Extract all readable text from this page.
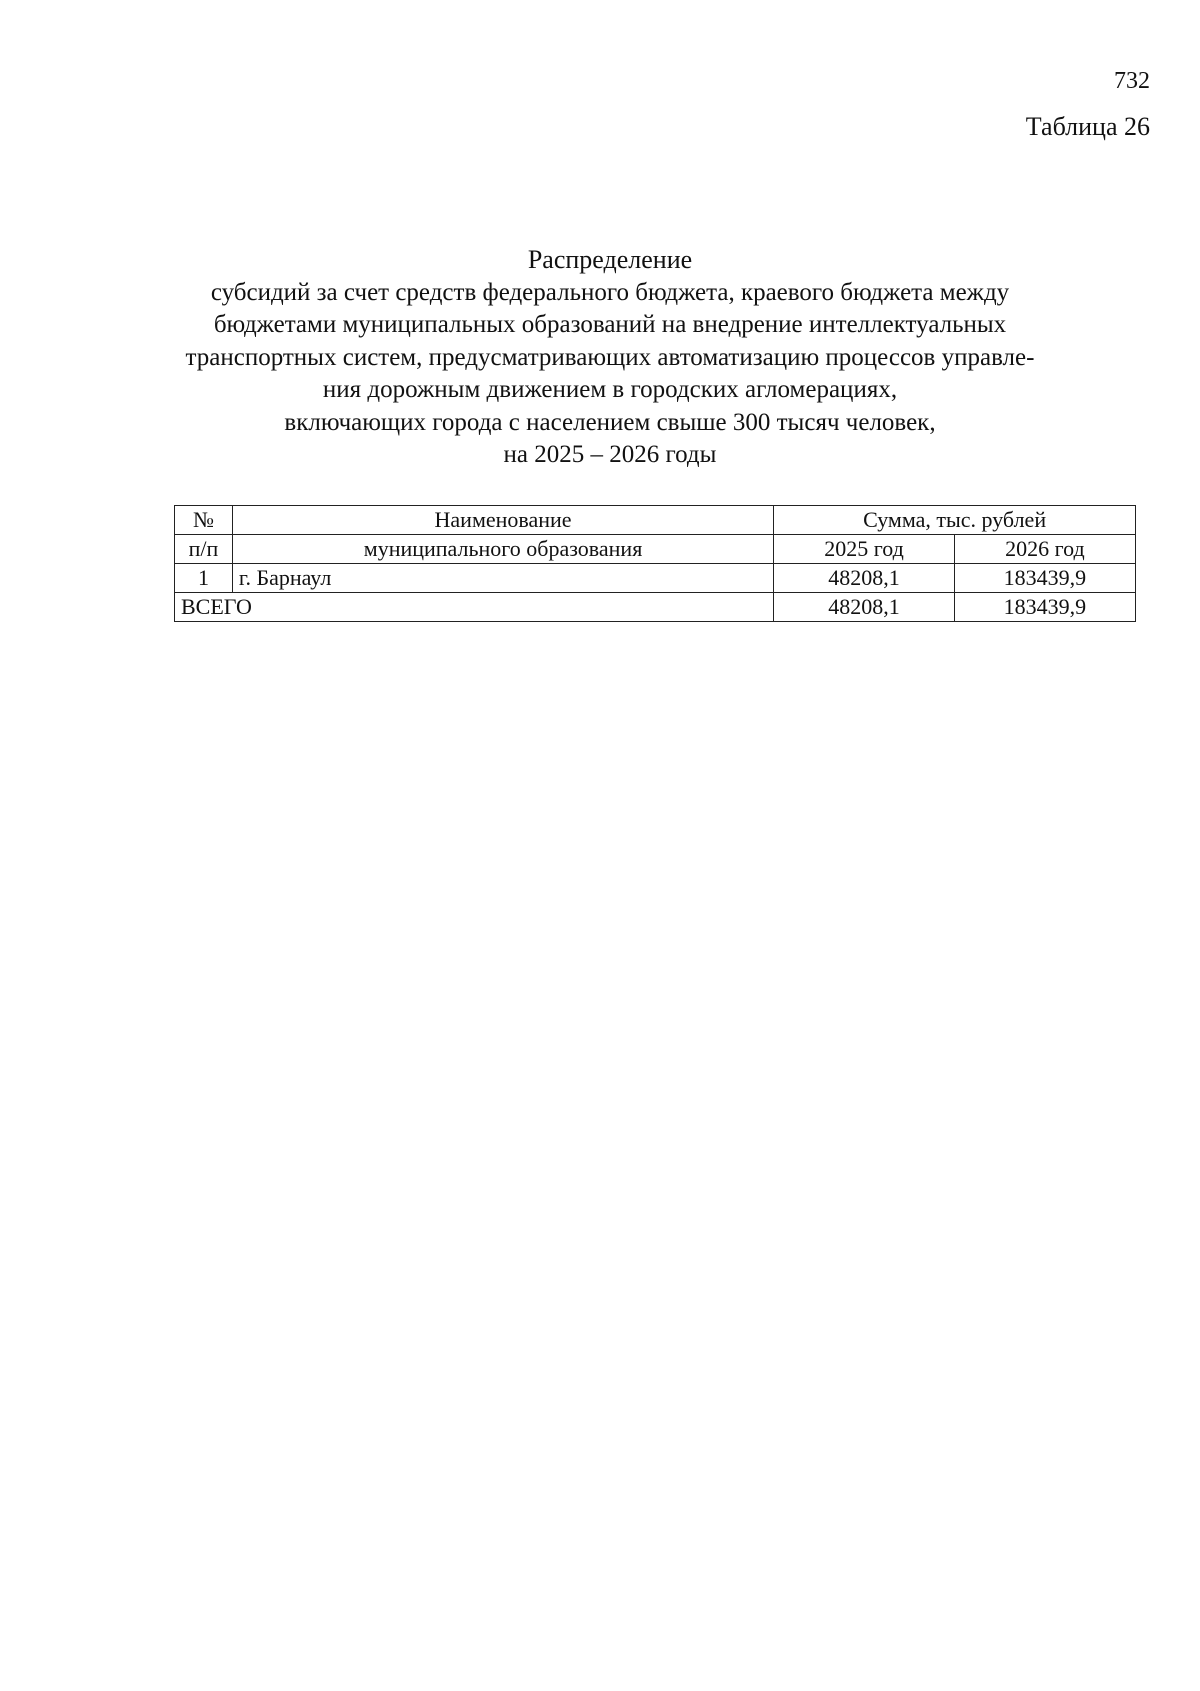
732
Таблица 26
Распределение
субсидий за счет средств федерального бюджета, краевого бюджета между
бюджетами муниципальных образований на внедрение интеллектуальных
транспортных систем, предусматривающих автоматизацию процессов управле-
ния дорожным движением в городских агломерациях,
включающих города с населением свыше 300 тысяч человек,
на 2025 – 2026 годы
№	Наименование	Сумма, тыс. рублей	
п/п	муниципального образования	2025 год	2026 год
1	г. Барнаул	48208,1	183439,9
ВСЕГО		48208,1	183439,9
